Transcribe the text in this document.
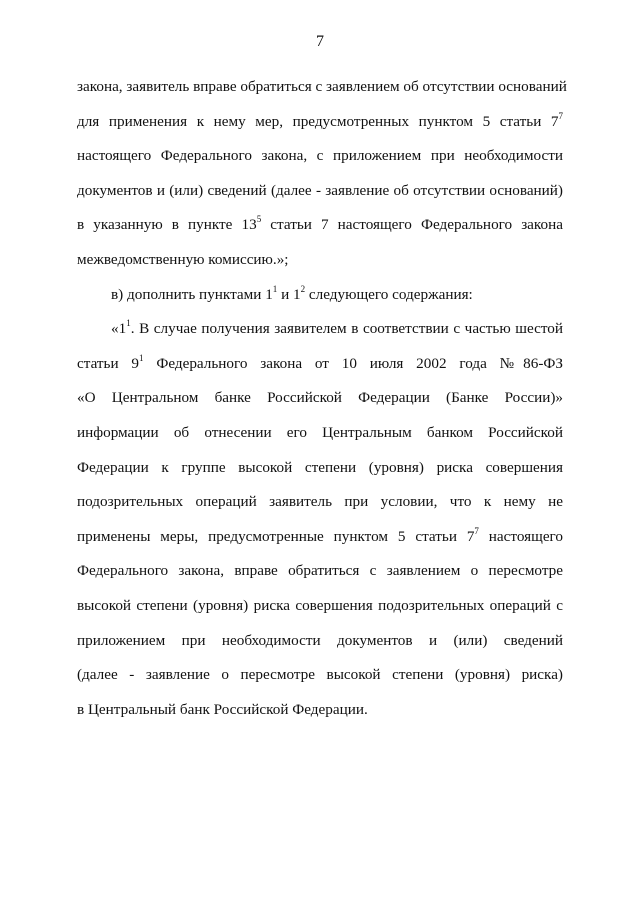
7
закона, заявитель вправе обратиться с заявлением об отсутствии оснований
для применения к нему мер, предусмотренных пунктом 5 статьи $7^7$
настоящего Федерального закона, с приложением при необходимости
документов и (или) сведений (далее - заявление об отсутствии оснований)
в указанную в пункте $13^5$ статьи 7 настоящего Федерального закона
межведомственную комиссию.»;
в) дополнить пунктами $1^1$ и $1^2$ следующего содержания:
«$1^1$. В случае получения заявителем в соответствии с частью шестой
статьи $9^1$ Федерального закона от 10 июля 2002 года №86-ФЗ
«О Центральном банке Российской Федерации (Банке России)»
информации об отнесении его Центральным банком Российской
Федерации к группе высокой степени (уровня) риска совершения
подозрительных операций заявитель при условии, что к нему не
применены меры, предусмотренные пунктом 5 статьи $7^7$ настоящего
Федерального закона, вправе обратиться с заявлением о пересмотре
высокой степени (уровня) риска совершения подозрительных операций с
приложением при необходимости документов и (или) сведений
(далее - заявление о пересмотре высокой степени (уровня) риска)
в Центральный банк Российской Федерации.
